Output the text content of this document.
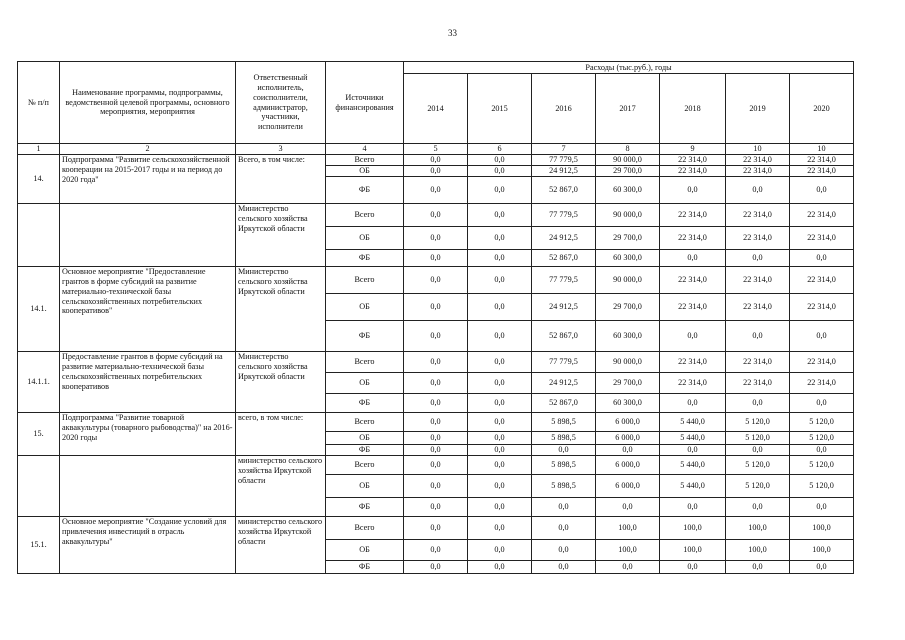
33
№ п/п	Наименование программы, подпрограммы, ведомственной целевой программы, основного мероприятия, мероприятия	Ответственный исполнитель, соисполнители, администратор, участники, исполнители	Источники финансирования	Расходы (тыс.руб.), годы						
				2014	2015	2016	2017	2018	2019	2020
1	2	3	4	5	6	7	8	9	10	10
14.	Подпрограмма "Развитие сельскохозяйственной кооперации на 2015-2017 годы и на период до 2020 года"	Всего, в том числе:	Всего	0,0	0,0	77 779,5	90 000,0	22 314,0	22 314,0	22 314,0
			ОБ	0,0	0,0	24 912,5	29 700,0	22 314,0	22 314,0	22 314,0
			ФБ	0,0	0,0	52 867,0	60 300,0	0,0	0,0	0,0
		Министерство сельского хозяйства Иркутской области	Всего	0,0	0,0	77 779,5	90 000,0	22 314,0	22 314,0	22 314,0
			ОБ	0,0	0,0	24 912,5	29 700,0	22 314,0	22 314,0	22 314,0
			ФБ	0,0	0,0	52 867,0	60 300,0	0,0	0,0	0,0
14.1.	Основное мероприятие "Предоставление грантов в форме субсидий на развитие материально-технической базы сельскохозяйственных потребительских кооперативов"	Министерство сельского хозяйства Иркутской области	Всего	0,0	0,0	77 779,5	90 000,0	22 314,0	22 314,0	22 314,0
			ОБ	0,0	0,0	24 912,5	29 700,0	22 314,0	22 314,0	22 314,0
			ФБ	0,0	0,0	52 867,0	60 300,0	0,0	0,0	0,0
14.1.1.	Предоставление грантов в форме субсидий на развитие материально-технической базы сельскохозяйственных потребительских кооперативов	Министерство сельского хозяйства Иркутской области	Всего	0,0	0,0	77 779,5	90 000,0	22 314,0	22 314,0	22 314,0
			ОБ	0,0	0,0	24 912,5	29 700,0	22 314,0	22 314,0	22 314,0
			ФБ	0,0	0,0	52 867,0	60 300,0	0,0	0,0	0,0
15.	Подпрограмма "Развитие товарной аквакультуры (товарного рыбоводства)" на 2016-2020 годы	всего, в том числе:	Всего	0,0	0,0	5 898,5	6 000,0	5 440,0	5 120,0	5 120,0
			ОБ	0,0	0,0	5 898,5	6 000,0	5 440,0	5 120,0	5 120,0
			ФБ	0,0	0,0	0,0	0,0	0,0	0,0	0,0
		министерство сельского хозяйства Иркутской области	Всего	0,0	0,0	5 898,5	6 000,0	5 440,0	5 120,0	5 120,0
			ОБ	0,0	0,0	5 898,5	6 000,0	5 440,0	5 120,0	5 120,0
			ФБ	0,0	0,0	0,0	0,0	0,0	0,0	0,0
15.1.	Основное мероприятие "Создание условий для привлечения инвестиций в отрасль аквакультуры"	министерство сельского хозяйства Иркутской области	Всего	0,0	0,0	0,0	100,0	100,0	100,0	100,0
			ОБ	0,0	0,0	0,0	100,0	100,0	100,0	100,0
			ФБ	0,0	0,0	0,0	0,0	0,0	0,0	0,0
